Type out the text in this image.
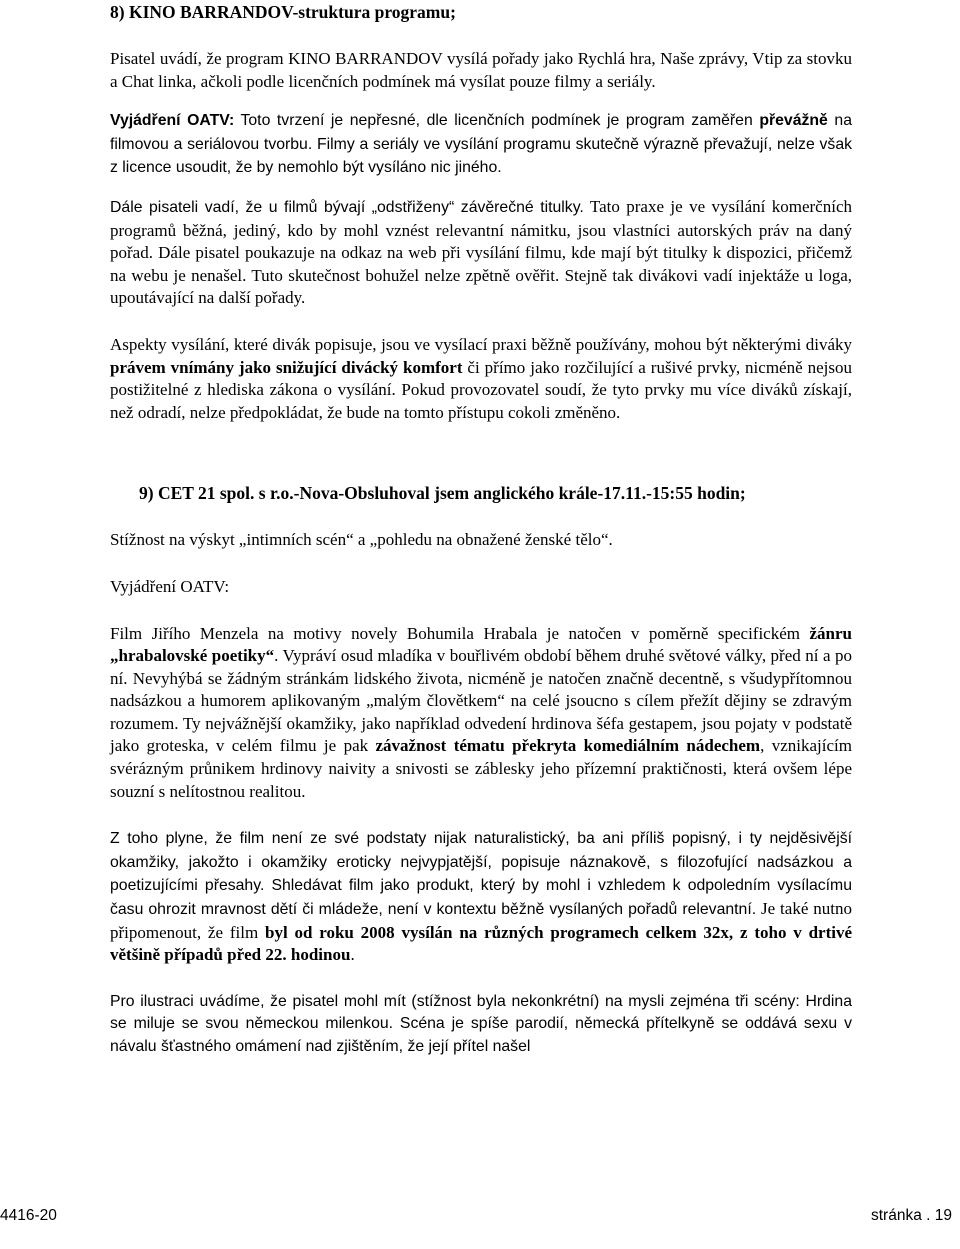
8) KINO BARRANDOV-struktura programu;

Pisatel uvádí, že program KINO BARRANDOV vysílá pořady jako Rychlá hra, Naše zprávy, Vtip za stovku a Chat linka, ačkoli podle licenčních podmínek má vysílat pouze filmy a seriály.

Vyjádření OATV: Toto tvrzení je nepřesné, dle licenčních podmínek je program zaměřen převážně na filmovou a seriálovou tvorbu. Filmy a seriály ve vysílání programu skutečně výrazně převažují, nelze však z licence usoudit, že by nemohlo být vysíláno nic jiného.

Dále pisateli vadí, že u filmů bývají „odstřiženy“ závěrečné titulky. Tato praxe je ve vysílání komerčních programů běžná, jediný, kdo by mohl vznést relevantní námitku, jsou vlastníci autorských práv na daný pořad. Dále pisatel poukazuje na odkaz na web při vysílání filmu, kde mají být titulky k dispozici, přičemž na webu je nenašel. Tuto skutečnost bohužel nelze zpětně ověřit. Stejně tak divákovi vadí injektáže u loga, upoutávající na další pořady.

Aspekty vysílání, které divák popisuje, jsou ve vysílací praxi běžně používány, mohou být některými diváky právem vnímány jako snižující divácký komfort či přímo jako rozčilující a rušivé prvky, nicméně nejsou postižitelné z hlediska zákona o vysílání. Pokud provozovatel soudí, že tyto prvky mu více diváků získají, než odradí, nelze předpokládat, že bude na tomto přístupu cokoli změněno.

9) CET 21 spol. s r.o.-Nova-Obsluhoval jsem anglického krále-17.11.-15:55 hodin;

Stížnost na výskyt „intimních scén“ a „pohledu na obnažené ženské tělo“.

Vyjádření OATV:

Film Jiřího Menzela na motivy novely Bohumila Hrabala je natočen v poměrně specifickém žánru „hrabalovské poetiky“. Vypráví osud mladíka v bouřlivém období během druhé světové války, před ní a po ní. Nevyhýbá se žádným stránkám lidského života, nicméně je natočen značně decentně, s všudypřítomnou nadsázkou a humorem aplikovaným „malým človětkem“ na celé jsoucno s cílem přežít dějiny se zdravým rozumem. Ty nejvážnější okamžiky, jako například odvedení hrdinova šéfa gestapem, jsou pojaty v podstatě jako groteska, v celém filmu je pak závažnost tématu překryta komediálním nádechem, vznikajícím svérázným průnikem hrdinovy naivity a snivosti se záblesky jeho přízemní praktičnosti, která ovšem lépe souzní s nelítostnou realitou.

Z toho plyne, že film není ze své podstaty nijak naturalistický, ba ani příliš popisný, i ty nejděsivější okamžiky, jakožto i okamžiky eroticky nejvypjatější, popisuje náznakově, s filozofující nadsázkou a poetizujícími přesahy. Shledávat film jako produkt, který by mohl i vzhledem k odpoledním vysílacímu času ohrozit mravnost dětí či mládeže, není v kontextu běžně vysílaných pořadů relevantní. Je také nutno připomenout, že film byl od roku 2008 vysílán na různých programech celkem 32x, z toho v drtivé většině případů před 22. hodinou.

Pro ilustraci uvádíme, že pisatel mohl mít (stížnost byla nekonkrétní) na mysli zejména tři scény: Hrdina se miluje se svou německou milenkou. Scéna je spíše parodií, německá přítelkyně se oddává sexu v návalu šťastného omámení nad zjištěním, že její přítel našel

4416-20	stránka . 19
